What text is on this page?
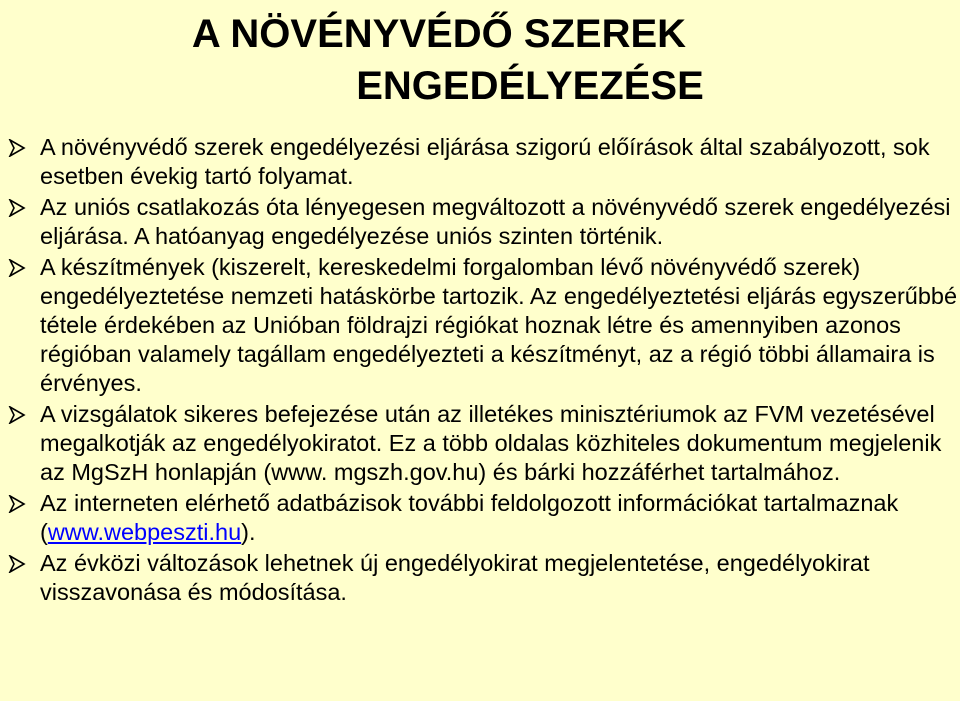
A NÖVÉNYVÉDŐ SZEREK
ENGEDÉLYEZÉSE
A növényvédő szerek engedélyezési eljárása szigorú előírások által szabályozott, sok esetben évekig tartó folyamat.
Az uniós csatlakozás óta lényegesen megváltozott a növényvédő szerek engedélyezési eljárása. A hatóanyag engedélyezése uniós szinten történik.
A készítmények (kiszerelt, kereskedelmi forgalomban lévő növényvédő szerek) engedélyeztetése nemzeti hatáskörbe tartozik. Az engedélyeztetési eljárás egyszerűbbé tétele érdekében az Unióban földrajzi régiókat hoznak létre és amennyiben azonos régióban valamely tagállam engedélyezteti a készítményt, az a régió többi államaira is érvényes.
A vizsgálatok sikeres befejezése után az illetékes minisztériumok az FVM vezetésével megalkotják az engedélyokiratot. Ez a több oldalas közhiteles dokumentum megjelenik az MgSzH honlapján (www. mgszh.gov.hu) és bárki hozzáférhet tartalmához.
Az interneten elérhető adatbázisok további feldolgozott információkat tartalmaznak (www.webpeszti.hu).
Az évközi változások lehetnek új engedélyokirat megjelentetése, engedélyokirat visszavonása és módosítása.
